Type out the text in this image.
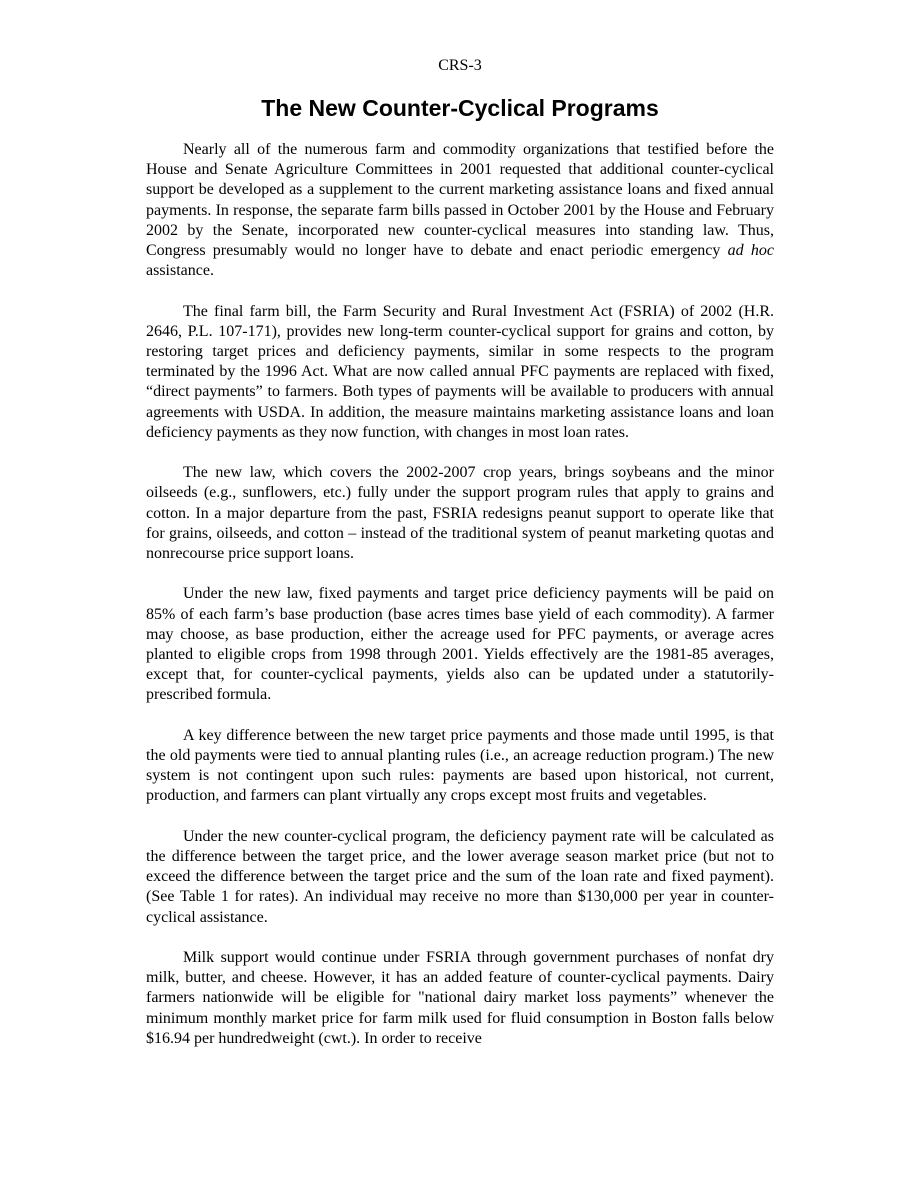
CRS-3
The New Counter-Cyclical Programs

Nearly all of the numerous farm and commodity organizations that testified before the House and Senate Agriculture Committees in 2001 requested that additional counter-cyclical support be developed as a supplement to the current marketing assistance loans and fixed annual payments. In response, the separate farm bills passed in October 2001 by the House and February 2002 by the Senate, incorporated new counter-cyclical measures into standing law. Thus, Congress presumably would no longer have to debate and enact periodic emergency ad hoc assistance.

The final farm bill, the Farm Security and Rural Investment Act (FSRIA) of 2002 (H.R. 2646, P.L. 107-171), provides new long-term counter-cyclical support for grains and cotton, by restoring target prices and deficiency payments, similar in some respects to the program terminated by the 1996 Act. What are now called annual PFC payments are replaced with fixed, “direct payments” to farmers. Both types of payments will be available to producers with annual agreements with USDA. In addition, the measure maintains marketing assistance loans and loan deficiency payments as they now function, with changes in most loan rates.

The new law, which covers the 2002-2007 crop years, brings soybeans and the minor oilseeds (e.g., sunflowers, etc.) fully under the support program rules that apply to grains and cotton. In a major departure from the past, FSRIA redesigns peanut support to operate like that for grains, oilseeds, and cotton – instead of the traditional system of peanut marketing quotas and nonrecourse price support loans.

Under the new law, fixed payments and target price deficiency payments will be paid on 85% of each farm’s base production (base acres times base yield of each commodity). A farmer may choose, as base production, either the acreage used for PFC payments, or average acres planted to eligible crops from 1998 through 2001. Yields effectively are the 1981-85 averages, except that, for counter-cyclical payments, yields also can be updated under a statutorily-prescribed formula.

A key difference between the new target price payments and those made until 1995, is that the old payments were tied to annual planting rules (i.e., an acreage reduction program.) The new system is not contingent upon such rules: payments are based upon historical, not current, production, and farmers can plant virtually any crops except most fruits and vegetables.

Under the new counter-cyclical program, the deficiency payment rate will be calculated as the difference between the target price, and the lower average season market price (but not to exceed the difference between the target price and the sum of the loan rate and fixed payment). (See Table 1 for rates). An individual may receive no more than $130,000 per year in counter-cyclical assistance.

Milk support would continue under FSRIA through government purchases of nonfat dry milk, butter, and cheese. However, it has an added feature of counter-cyclical payments. Dairy farmers nationwide will be eligible for "national dairy market loss payments” whenever the minimum monthly market price for farm milk used for fluid consumption in Boston falls below $16.94 per hundredweight (cwt.). In order to receive
